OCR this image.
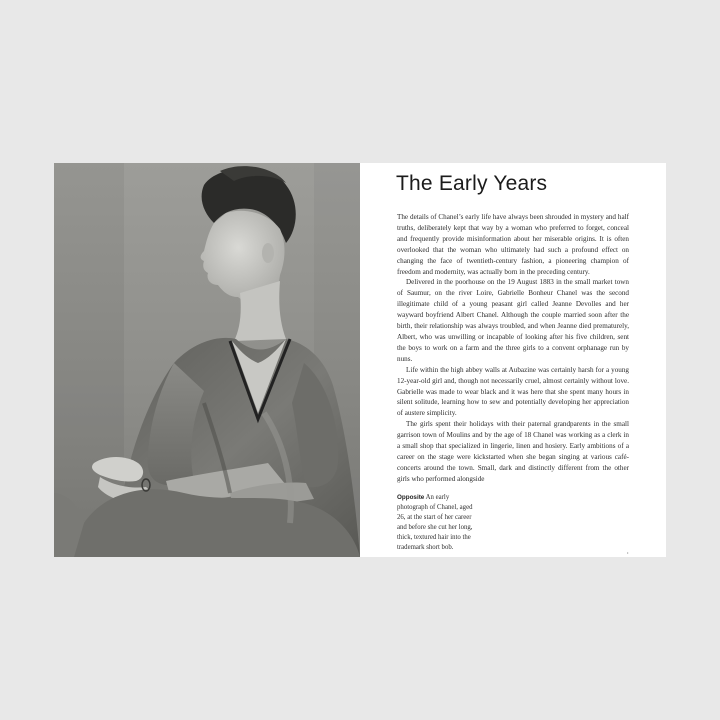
The Early Years

The details of Chanel’s early life have always been shrouded in mystery and half truths, deliberately kept that way by a woman who preferred to forget, conceal and frequently provide misinformation about her miserable origins. It is often overlooked that the woman who ultimately had such a profound effect on changing the face of twentieth-century fashion, a pioneering champion of freedom and modernity, was actually born in the preceding century.

Delivered in the poorhouse on the 19 August 1883 in the small market town of Saumur, on the river Loire, Gabrielle Bonheur Chanel was the second illegitimate child of a young peasant girl called Jeanne Devolles and her wayward boyfriend Albert Chanel. Although the couple married soon after the birth, their relationship was always troubled, and when Jeanne died prematurely, Albert, who was unwilling or incapable of looking after his five children, sent the boys to work on a farm and the three girls to a convent orphanage run by nuns.

Life within the high abbey walls at Aubazine was certainly harsh for a young 12-year-old girl and, though not necessarily cruel, almost certainly without love. Gabrielle was made to wear black and it was here that she spent many hours in silent solitude, learning how to sew and potentially developing her appreciation of austere simplicity.

The girls spent their holidays with their paternal grandparents in the small garrison town of Moulins and by the age of 18 Chanel was working as a clerk in a small shop that specialized in lingerie, linen and hosiery. Early ambitions of a career on the stage were kickstarted when she began singing at various café-concerts around the town. Small, dark and distinctly different from the other girls who performed alongside

Opposite An early photograph of Chanel, aged 26, at the start of her career and before she cut her long, thick, textured hair into the trademark short bob.
•
